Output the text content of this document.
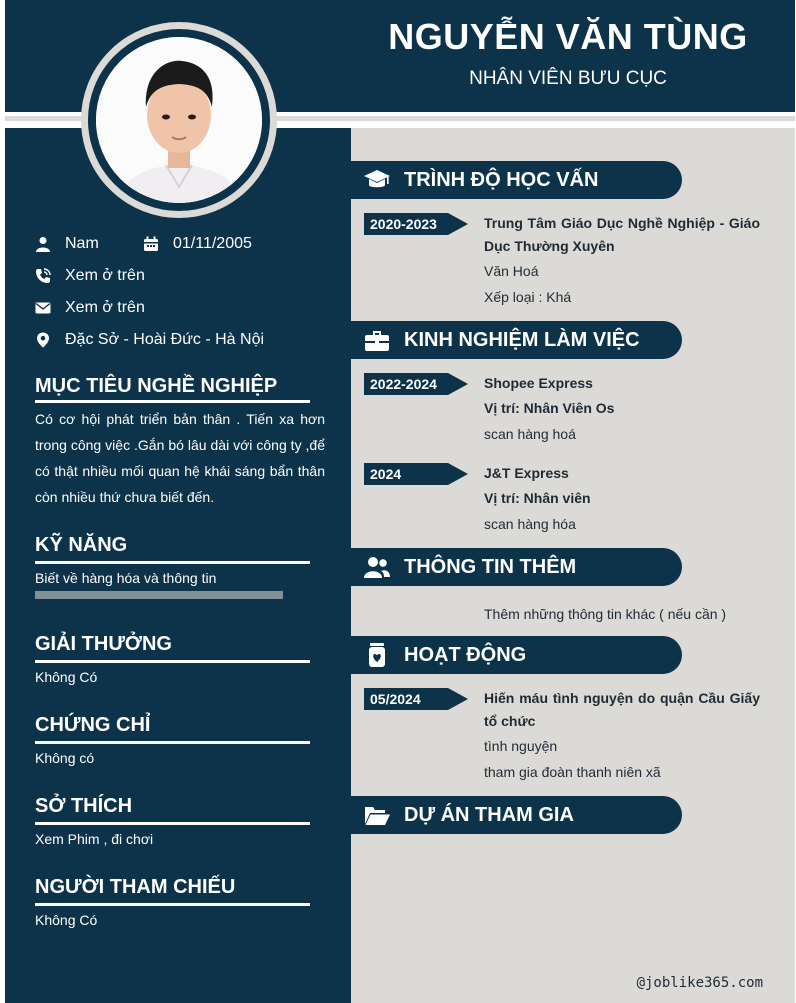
NGUYỄN VĂN TÙNG
NHÂN VIÊN BƯU CỤC
Nam	01/11/2005
Xem ở trên
Xem ở trên
Đặc Sở - Hoài Đức - Hà Nội
MỤC TIÊU NGHỀ NGHIỆP
Có cơ hội phát triển bản thân . Tiến xa hơn trong công việc .Gắn bó lâu dài với công ty ,để có thật nhiều mối quan hệ khái sáng bẩn thân còn nhiều thứ chưa biết đến.
KỸ NĂNG
Biết về hàng hóa và thông tin
GIẢI THƯỞNG
Không Có
CHỨNG CHỈ
Không có
SỞ THÍCH
Xem Phim , đi chơi
NGƯỜI THAM CHIẾU
Không Có
TRÌNH ĐỘ HỌC VẤN
2020-2023	Trung Tâm Giáo Dục Nghề Nghiệp - Giáo Dục Thường Xuyên
Văn Hoá
Xếp loại : Khá
KINH NGHIỆM LÀM VIỆC
2022-2024	Shopee Express
Vị trí: Nhân Viên Os
scan hàng hoá
2024	J&T Express
Vị trí: Nhân viên
scan hàng hóa
THÔNG TIN THÊM
Thêm những thông tin khác ( nếu cần )
HOẠT ĐỘNG
05/2024	Hiến máu tình nguyện do quận Cầu Giấy tổ chức
tình nguyện
tham gia đoàn thanh niên xã
DỰ ÁN THAM GIA
@joblike365.com
